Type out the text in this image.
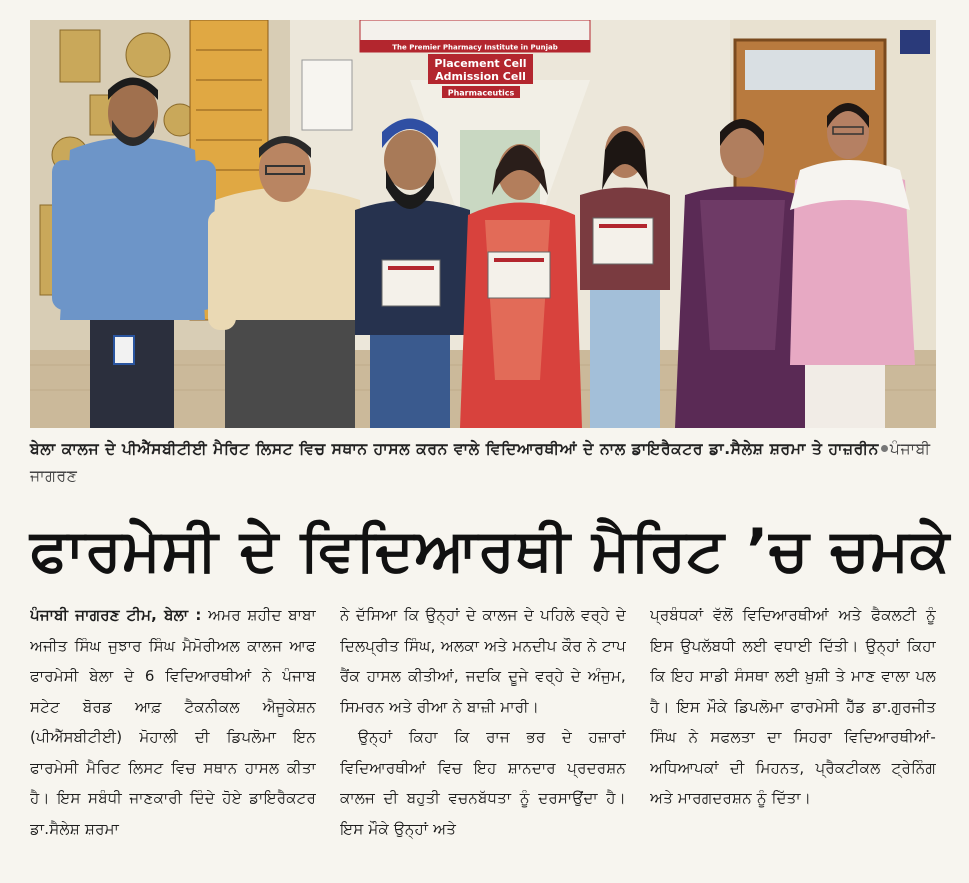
The Premier Pharmacy Institute in Punjab
Placement Cell
Admission Cell
Pharmaceutics
ਬੇਲਾ ਕਾਲਜ ਦੇ ਪੀਐੱਸਬੀਟੀਈ ਮੈਰਿਟ ਲਿਸਟ ਵਿਚ ਸਥਾਨ ਹਾਸਲ ਕਰਨ ਵਾਲੇ ਵਿਦਿਆਰਥੀਆਂ ਦੇ ਨਾਲ ਡਾਇਰੈਕਟਰ ਡਾ.ਸੈਲੇਸ਼ ਸ਼ਰਮਾ ਤੇ ਹਾਜ਼ਰੀਨ ਪੰਜਾਬੀ ਜਾਗਰਣ
ਫਾਰਮੇਸੀ ਦੇ ਵਿਦਿਆਰਥੀ ਮੈਰਿਟ ’ਚ ਚਮਕੇ

ਪੰਜਾਬੀ ਜਾਗਰਣ ਟੀਮ, ਬੇਲਾ : ਅਮਰ ਸ਼ਹੀਦ ਬਾਬਾ ਅਜੀਤ ਸਿੰਘ ਜੁਝਾਰ ਸਿੰਘ ਮੈਮੋਰੀਅਲ ਕਾਲਜ ਆਫ ਫਾਰਮੇਸੀ ਬੇਲਾ ਦੇ 6 ਵਿਦਿਆਰਥੀਆਂ ਨੇ ਪੰਜਾਬ ਸਟੇਟ ਬੋਰਡ ਆਫ਼ ਟੈਕਨੀਕਲ ਐਜੂਕੇਸ਼ਨ (ਪੀਐੱਸਬੀਟੀਈ) ਮੋਹਾਲੀ ਦੀ ਡਿਪਲੋਮਾ ਇਨ ਫਾਰਮੇਸੀ ਮੈਰਿਟ ਲਿਸਟ ਵਿਚ ਸਥਾਨ ਹਾਸਲ ਕੀਤਾ ਹੈ। ਇਸ ਸਬੰਧੀ ਜਾਣਕਾਰੀ ਦਿੰਦੇ ਹੋਏ ਡਾਇਰੈਕਟਰ ਡਾ.ਸੈਲੇਸ਼ ਸ਼ਰਮਾ

ਨੇ ਦੱਸਿਆ ਕਿ ਉਨ੍ਹਾਂ ਦੇ ਕਾਲਜ ਦੇ ਪਹਿਲੇ ਵਰ੍ਹੇ ਦੇ ਦਿਲਪ੍ਰੀਤ ਸਿੰਘ, ਅਲਕਾ ਅਤੇ ਮਨਦੀਪ ਕੌਰ ਨੇ ਟਾਪ ਰੈਂਕ ਹਾਸਲ ਕੀਤੀਆਂ, ਜਦਕਿ ਦੂਜੇ ਵਰ੍ਹੇ ਦੇ ਅੰਜੁਮ, ਸਿਮਰਨ ਅਤੇ ਰੀਆ ਨੇ ਬਾਜ਼ੀ ਮਾਰੀ।

ਉਨ੍ਹਾਂ ਕਿਹਾ ਕਿ ਰਾਜ ਭਰ ਦੇ ਹਜ਼ਾਰਾਂ ਵਿਦਿਆਰਥੀਆਂ ਵਿਚ ਇਹ ਸ਼ਾਨਦਾਰ ਪ੍ਰਦਰਸ਼ਨ ਕਾਲਜ ਦੀ ਬਹੁਤੀ ਵਚਨਬੱਧਤਾ ਨੂੰ ਦਰਸਾਉਂਦਾ ਹੈ। ਇਸ ਮੌਕੇ ਉਨ੍ਹਾਂ ਅਤੇ

ਪ੍ਰਬੰਧਕਾਂ ਵੱਲੋਂ ਵਿਦਿਆਰਥੀਆਂ ਅਤੇ ਫੈਕਲਟੀ ਨੂੰ ਇਸ ਉਪਲੱਬਧੀ ਲਈ ਵਧਾਈ ਦਿੱਤੀ। ਉਨ੍ਹਾਂ ਕਿਹਾ ਕਿ ਇਹ ਸਾਡੀ ਸੰਸਥਾ ਲਈ ਖ਼ੁਸ਼ੀ ਤੇ ਮਾਣ ਵਾਲਾ ਪਲ ਹੈ। ਇਸ ਮੌਕੇ ਡਿਪਲੋਮਾ ਫਾਰਮੇਸੀ ਹੈੱਡ ਡਾ.ਗੁਰਜੀਤ ਸਿੰਘ ਨੇ ਸਫਲਤਾ ਦਾ ਸਿਹਰਾ ਵਿਦਿਆਰਥੀਆਂ-ਅਧਿਆਪਕਾਂ ਦੀ ਮਿਹਨਤ, ਪ੍ਰੈਕਟੀਕਲ ਟ੍ਰੇਨਿੰਗ ਅਤੇ ਮਾਰਗਦਰਸ਼ਨ ਨੂੰ ਦਿੱਤਾ।
